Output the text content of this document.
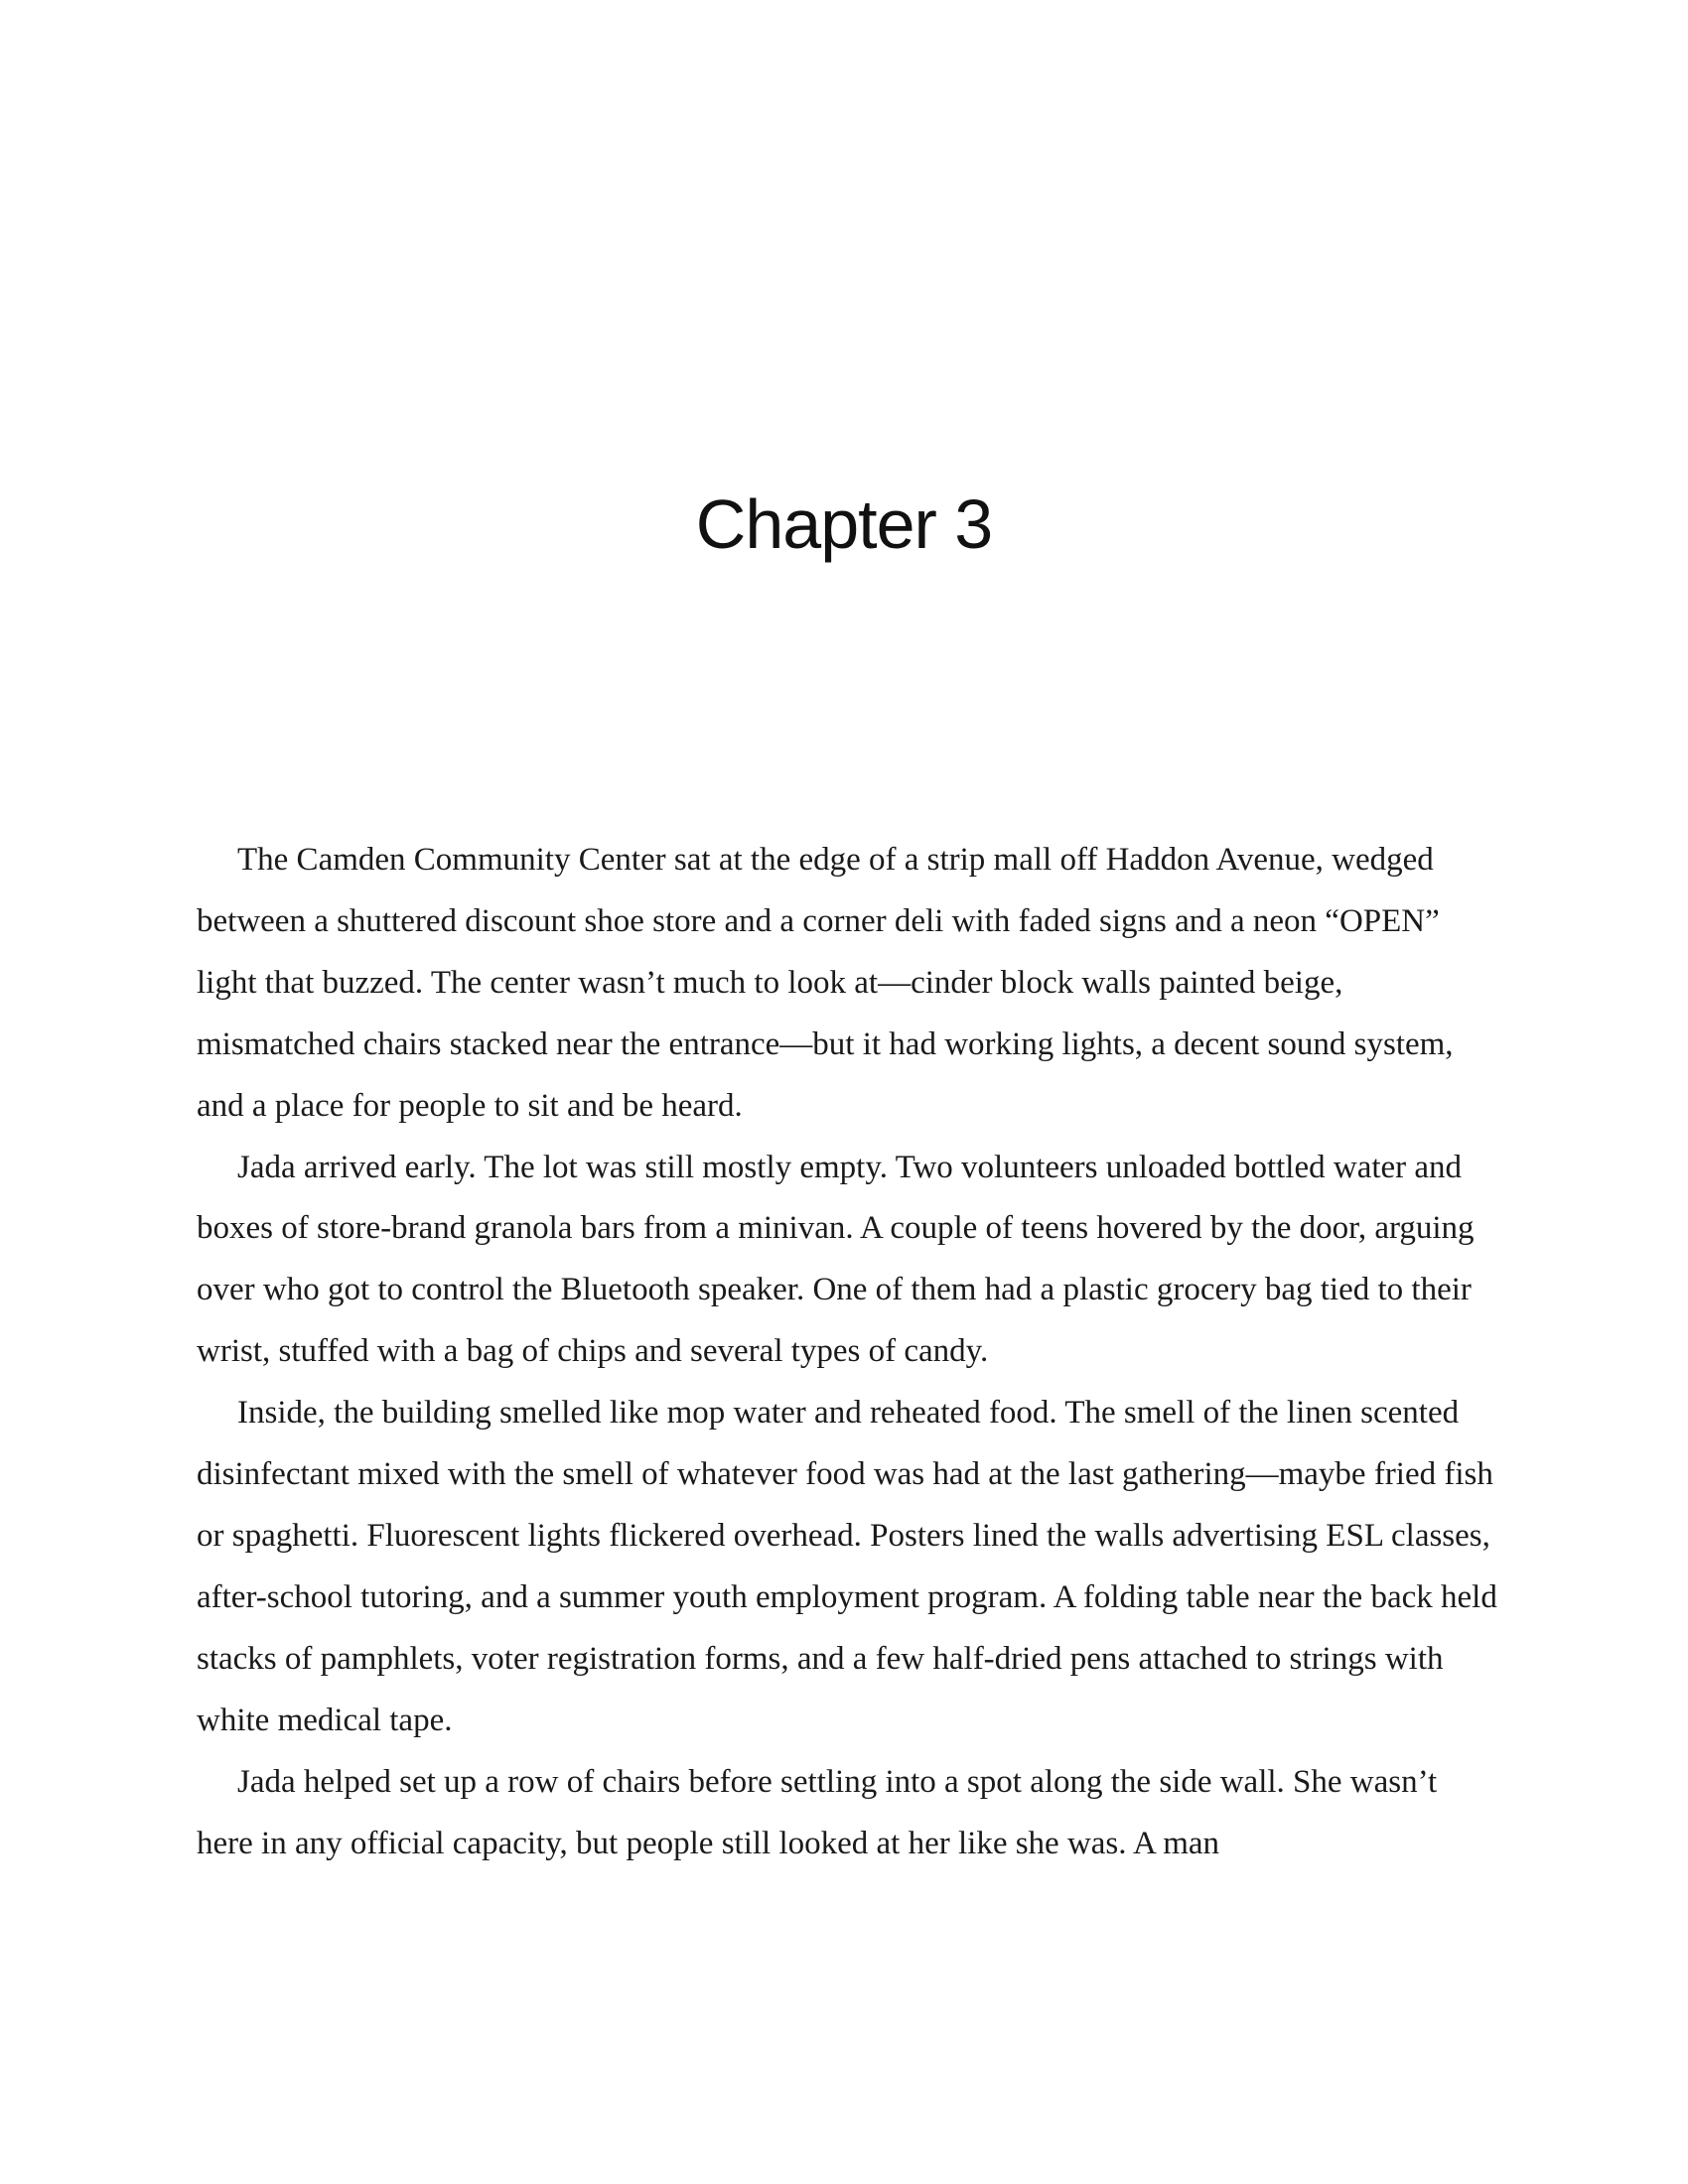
Chapter 3

The Camden Community Center sat at the edge of a strip mall off Haddon Avenue, wedged between a shuttered discount shoe store and a corner deli with faded signs and a neon “OPEN” light that buzzed. The center wasn’t much to look at—cinder block walls painted beige, mismatched chairs stacked near the entrance—but it had working lights, a decent sound system, and a place for people to sit and be heard.

Jada arrived early. The lot was still mostly empty. Two volunteers unloaded bottled water and boxes of store-brand granola bars from a minivan. A couple of teens hovered by the door, arguing over who got to control the Bluetooth speaker. One of them had a plastic grocery bag tied to their wrist, stuffed with a bag of chips and several types of candy.

Inside, the building smelled like mop water and reheated food. The smell of the linen scented disinfectant mixed with the smell of whatever food was had at the last gathering—maybe fried fish or spaghetti. Fluorescent lights flickered overhead. Posters lined the walls advertising ESL classes, after-school tutoring, and a summer youth employment program. A folding table near the back held stacks of pamphlets, voter registration forms, and a few half-dried pens attached to strings with white medical tape.

Jada helped set up a row of chairs before settling into a spot along the side wall. She wasn’t here in any official capacity, but people still looked at her like she was. A man
